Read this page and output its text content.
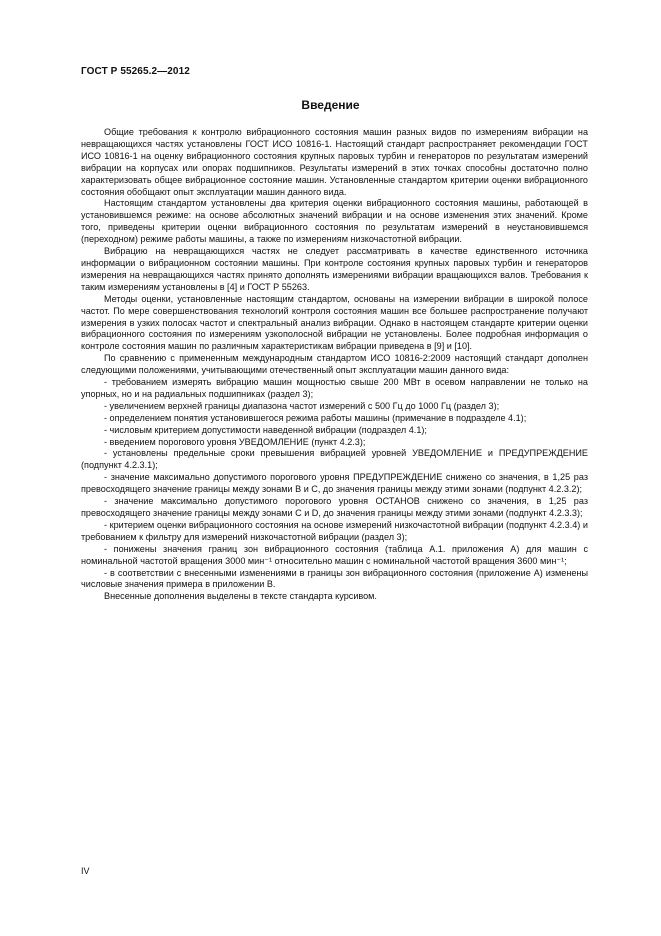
ГОСТ Р 55265.2—2012
Введение

Общие требования к контролю вибрационного состояния машин разных видов по измерениям вибрации на невращающихся частях установлены ГОСТ ИСО 10816-1. Настоящий стандарт распространяет рекомендации ГОСТ ИСО 10816-1 на оценку вибрационного состояния крупных паровых турбин и генераторов по результатам измерений вибрации на корпусах или опорах подшипников. Результаты измерений в этих точках способны достаточно полно характеризовать общее вибрационное состояние машин. Установленные стандартом критерии оценки вибрационного состояния обобщают опыт эксплуатации машин данного вида.

Настоящим стандартом установлены два критерия оценки вибрационного состояния машины, работающей в установившемся режиме: на основе абсолютных значений вибрации и на основе изменения этих значений. Кроме того, приведены критерии оценки вибрационного состояния по результатам измерений в неустановившемся (переходном) режиме работы машины, а также по измерениям низкочастотной вибрации.

Вибрацию на невращающихся частях не следует рассматривать в качестве единственного источника информации о вибрационном состоянии машины. При контроле состояния крупных паровых турбин и генераторов измерения на невращающихся частях принято дополнять измерениями вибрации вращающихся валов. Требования к таким измерениям установлены в [4] и ГОСТ Р 55263.

Методы оценки, установленные настоящим стандартом, основаны на измерении вибрации в широкой полосе частот. По мере совершенствования технологий контроля состояния машин все большее распространение получают измерения в узких полосах частот и спектральный анализ вибрации. Однако в настоящем стандарте критерии оценки вибрационного состояния по измерениям узкополосной вибрации не установлены. Более подробная информация о контроле состояния машин по различным характеристикам вибрации приведена в [9] и [10].

По сравнению с примененным международным стандартом ИСО 10816-2:2009 настоящий стандарт дополнен следующими положениями, учитывающими отечественный опыт эксплуатации машин данного вида:

- требованием измерять вибрацию машин мощностью свыше 200 МВт в осевом направлении не только на упорных, но и на радиальных подшипниках (раздел 3);

- увеличением верхней границы диапазона частот измерений с 500 Гц до 1000 Гц (раздел 3);

- определением понятия установившегося режима работы машины (примечание в подразделе 4.1);

- числовым критерием допустимости наведенной вибрации (подраздел 4.1);

- введением порогового уровня УВЕДОМЛЕНИЕ (пункт 4.2.3);

- установлены предельные сроки превышения вибрацией уровней УВЕДОМЛЕНИЕ и ПРЕДУПРЕЖДЕНИЕ (подпункт 4.2.3.1);

- значение максимально допустимого порогового уровня ПРЕДУПРЕЖДЕНИЕ снижено со значения, в 1,25 раз превосходящего значение границы между зонами В и С, до значения границы между этими зонами (подпункт 4.2.3.2);

- значение максимально допустимого порогового уровня ОСТАНОВ снижено со значения, в 1,25 раз превосходящего значение границы между зонами С и D, до значения границы между этими зонами (подпункт 4.2.3.3);

- критерием оценки вибрационного состояния на основе измерений низкочастотной вибрации (подпункт 4.2.3.4) и требованием к фильтру для измерений низкочастотной вибрации (раздел 3);

- понижены значения границ зон вибрационного состояния (таблица А.1. приложения А) для машин с номинальной частотой вращения 3000 мин⁻¹ относительно машин с номинальной частотой вращения 3600 мин⁻¹;

- в соответствии с внесенными изменениями в границы зон вибрационного состояния (приложение А) изменены числовые значения примера в приложении В.

Внесенные дополнения выделены в тексте стандарта курсивом.

IV
